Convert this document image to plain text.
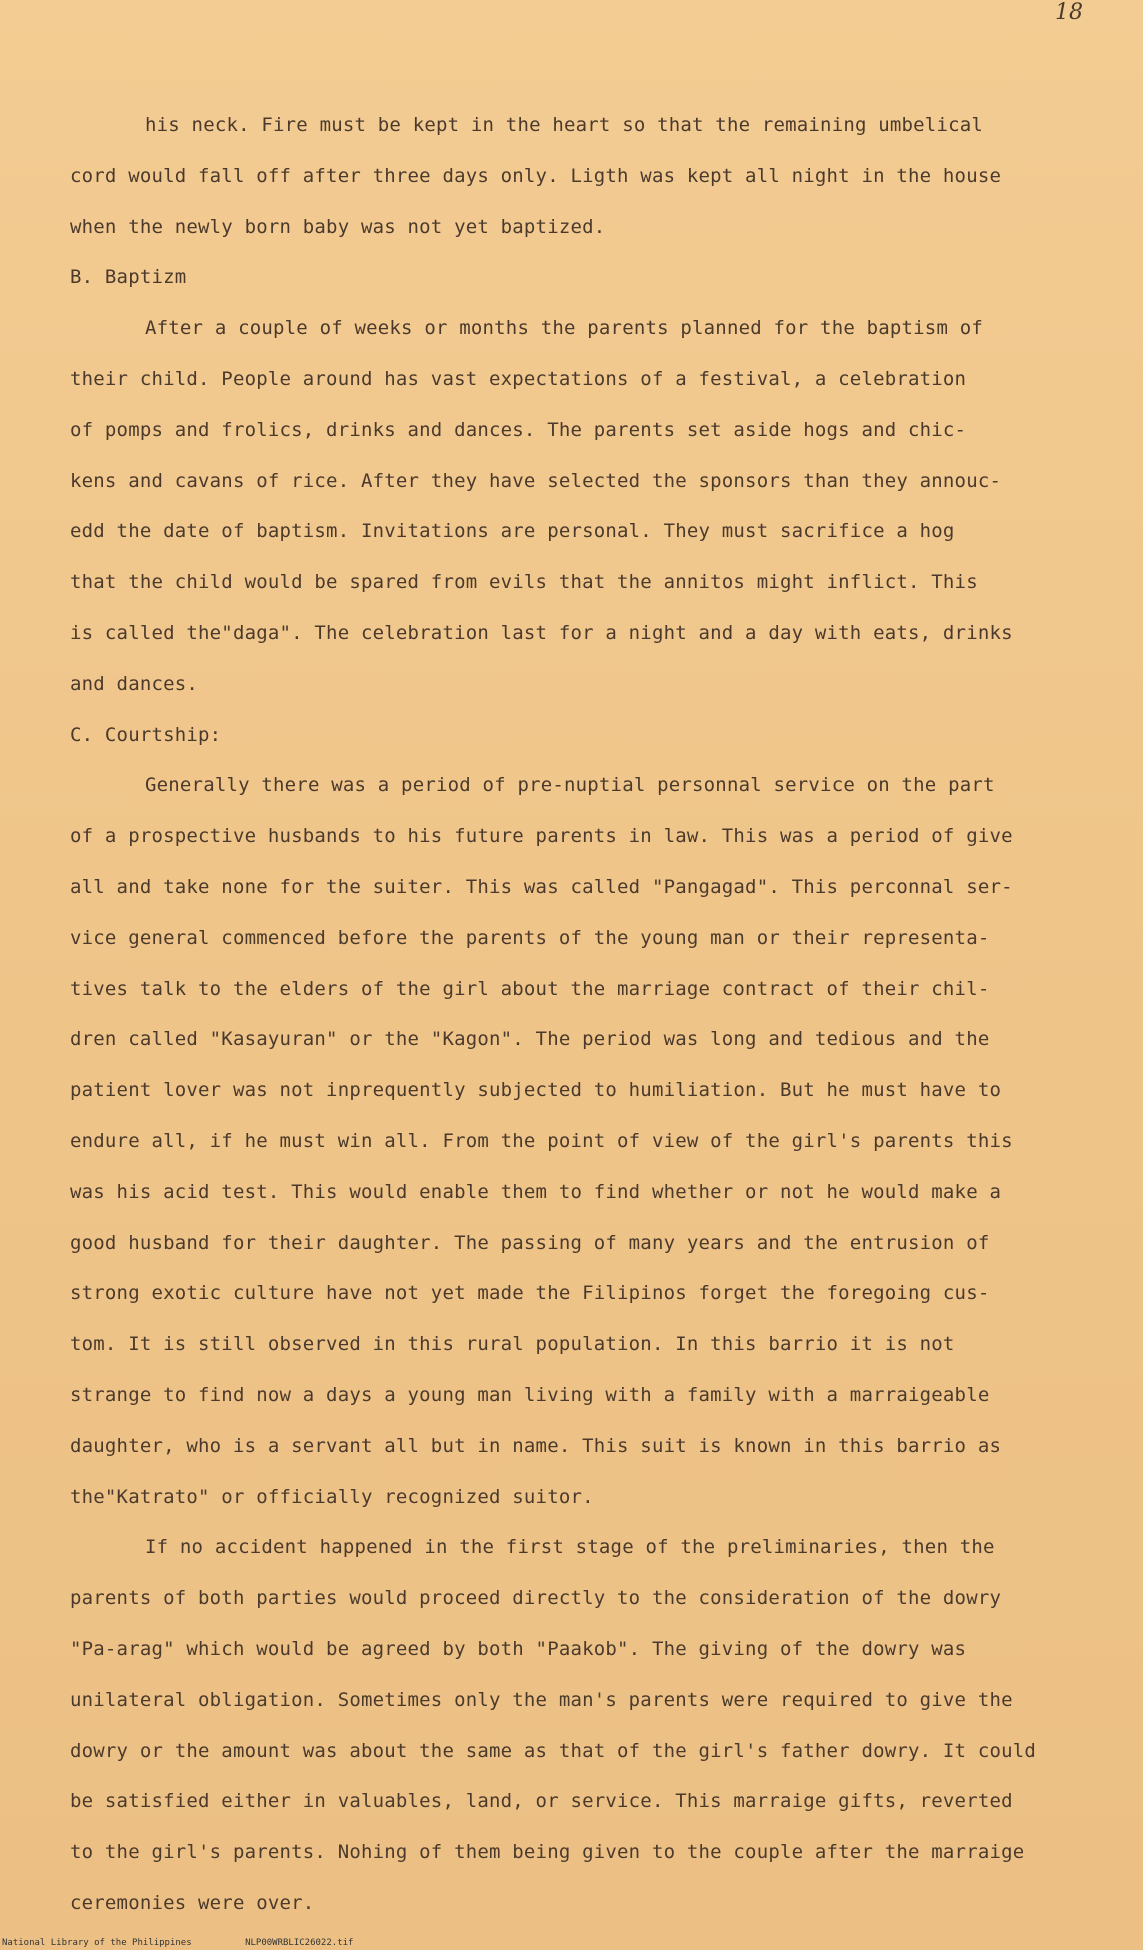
18
his neck. Fire must be kept in the heart so that the remaining umbelical
cord would fall off after three days only. Ligth was kept all night in the house
when the newly born baby was not yet baptized.
B. Baptizm
After a couple of weeks or months the parents planned for the baptism of
their child. People around has vast expectations of a festival, a celebration
of pomps and frolics, drinks and dances. The parents set aside hogs and chic-
kens and cavans of rice. After they have selected the sponsors than they annouc-
edd the date of baptism. Invitations are personal. They must sacrifice a hog
that the child would be spared from evils that the annitos might inflict. This
is called the"daga". The celebration last for a night and a day with eats, drinks
and dances.
C. Courtship:
Generally there was a period of pre-nuptial personnal service on the part
of a prospective husbands to his future parents in law. This was a period of give
all and take none for the suiter. This was called "Pangagad". This perconnal ser-
vice general commenced before the parents of the young man or their representa-
tives talk to the elders of the girl about the marriage contract of their chil-
dren called "Kasayuran" or the "Kagon". The period was long and tedious and the
patient lover was not inprequently subjected to humiliation. But he must have to
endure all, if he must win all. From the point of view of the girl's parents this
was his acid test. This would enable them to find whether or not he would make a
good husband for their daughter. The passing of many years and the entrusion of
strong exotic culture have not yet made the Filipinos forget the foregoing cus-
tom. It is still observed in this rural population. In this barrio it is not
strange to find now a days a young man living with a family with a marraigeable
daughter, who is a servant all but in name. This suit is known in this barrio as
the"Katrato" or officially recognized suitor.
If no accident happened in the first stage of the preliminaries, then the
parents of both parties would proceed directly to the consideration of the dowry
"Pa-arag" which would be agreed by both "Paakob". The giving of the dowry was
unilateral obligation. Sometimes only the man's parents were required to give the
dowry or the amount was about the same as that of the girl's father dowry. It could
be satisfied either in valuables, land, or service. This marraige gifts, reverted
to the girl's parents. Nohing of them being given to the couple after the marraige
ceremonies were over.
National Library of the Philippines	NLP00WRBLIC26022.tif
